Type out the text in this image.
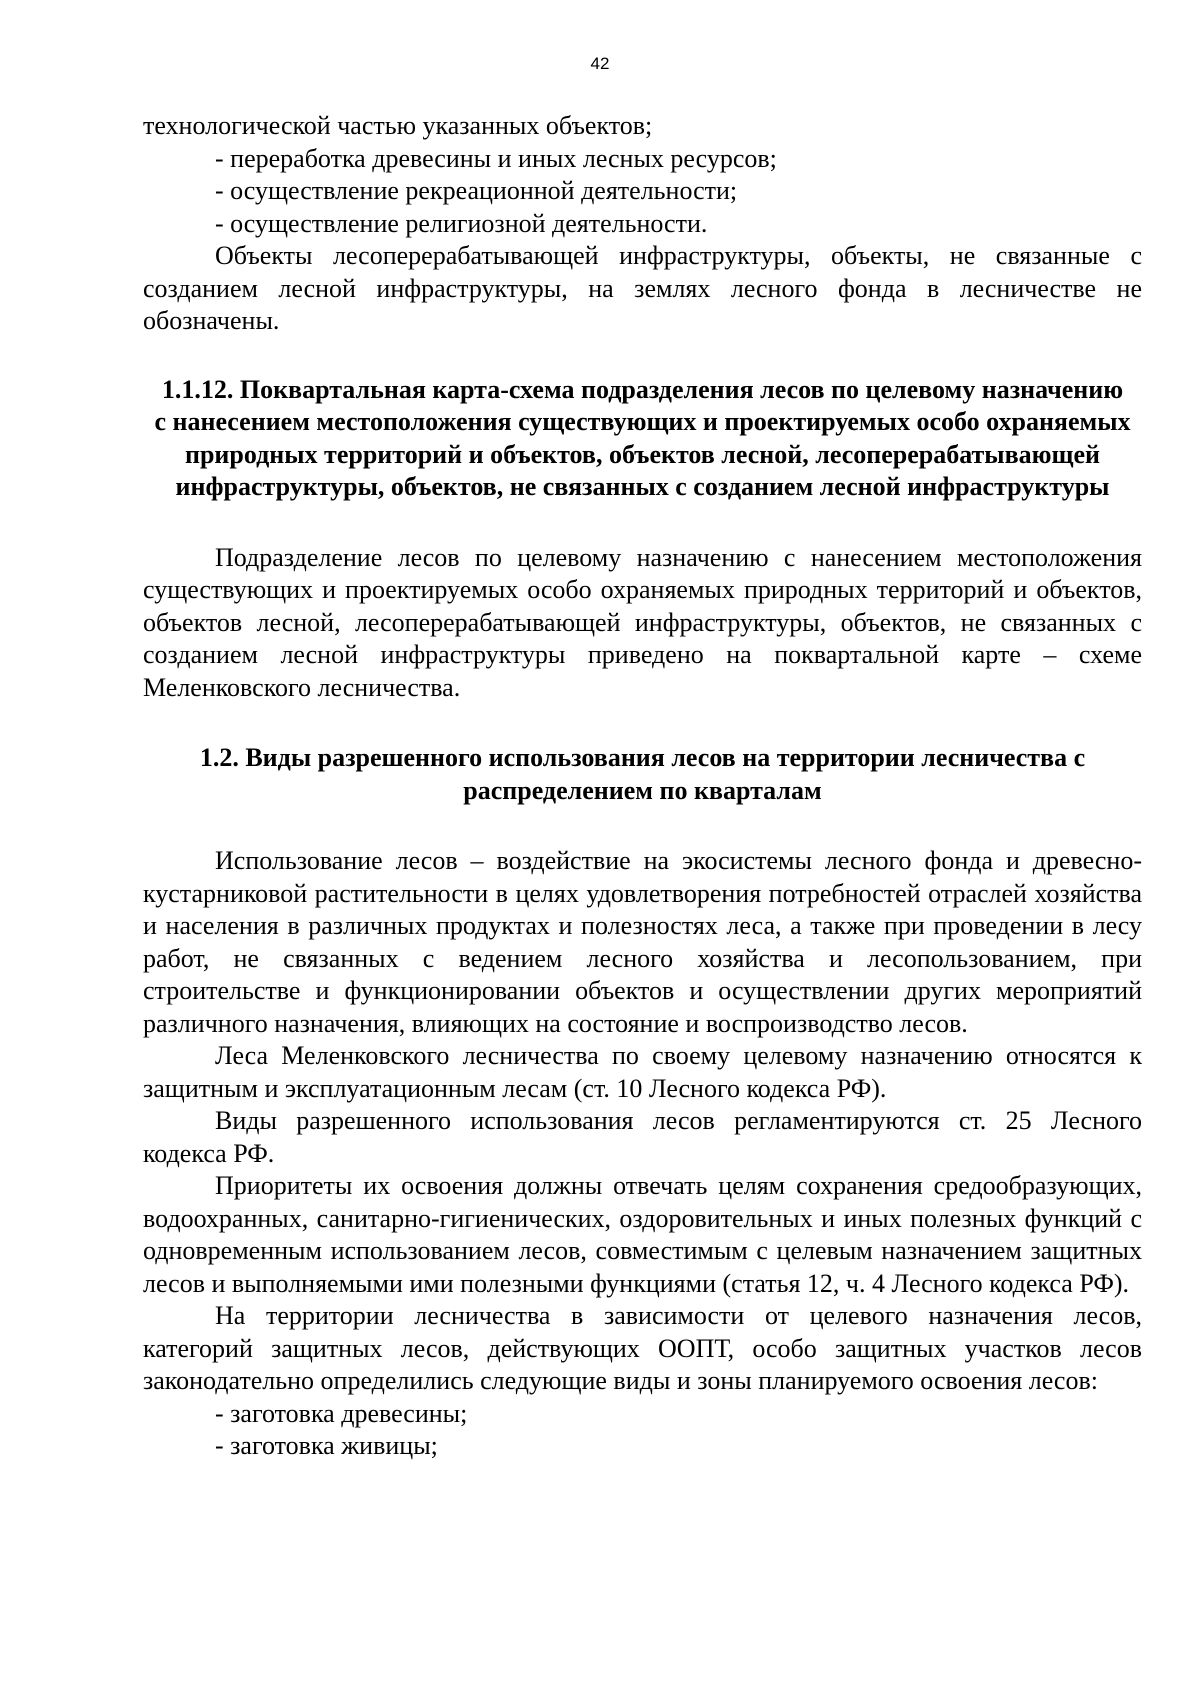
42

технологической частью указанных объектов;

- переработка древесины и иных лесных ресурсов;

- осуществление рекреационной деятельности;

- осуществление религиозной деятельности.

Объекты лесоперерабатывающей инфраструктуры, объекты, не связанные с созданием лесной инфраструктуры, на землях лесного фонда в лесничестве не обозначены.

1.1.12. Поквартальная карта-схема подразделения лесов по целевому назначению с нанесением местоположения существующих и проектируемых особо охраняемых природных территорий и объектов, объектов лесной, лесоперерабатывающей инфраструктуры, объектов, не связанных с созданием лесной инфраструктуры

Подразделение лесов по целевому назначению с нанесением местоположения существующих и проектируемых особо охраняемых природных территорий и объектов, объектов лесной, лесоперерабатывающей инфраструктуры, объектов, не связанных с созданием лесной инфраструктуры приведено на поквартальной карте – схеме Меленковского лесничества.

1.2. Виды разрешенного использования лесов на территории лесничества с распределением по кварталам

Использование лесов – воздействие на экосистемы лесного фонда и древесно-кустарниковой растительности в целях удовлетворения потребностей отраслей хозяйства и населения в различных продуктах и полезностях леса, а также при проведении в лесу работ, не связанных с ведением лесного хозяйства и лесопользованием, при строительстве и функционировании объектов и осуществлении других мероприятий различного назначения, влияющих на состояние и воспроизводство лесов.

Леса Меленковского лесничества по своему целевому назначению относятся к защитным и эксплуатационным лесам (ст. 10 Лесного кодекса РФ).

Виды разрешенного использования лесов регламентируются ст. 25 Лесного кодекса РФ.

Приоритеты их освоения должны отвечать целям сохранения средообразующих, водоохранных, санитарно-гигиенических, оздоровительных и иных полезных функций с одновременным использованием лесов, совместимым с целевым назначением защитных лесов и выполняемыми ими полезными функциями (статья 12, ч. 4 Лесного кодекса РФ).

На территории лесничества в зависимости от целевого назначения лесов, категорий защитных лесов, действующих ООПТ, особо защитных участков лесов законодательно определились следующие виды и зоны планируемого освоения лесов:

- заготовка древесины;

- заготовка живицы;
